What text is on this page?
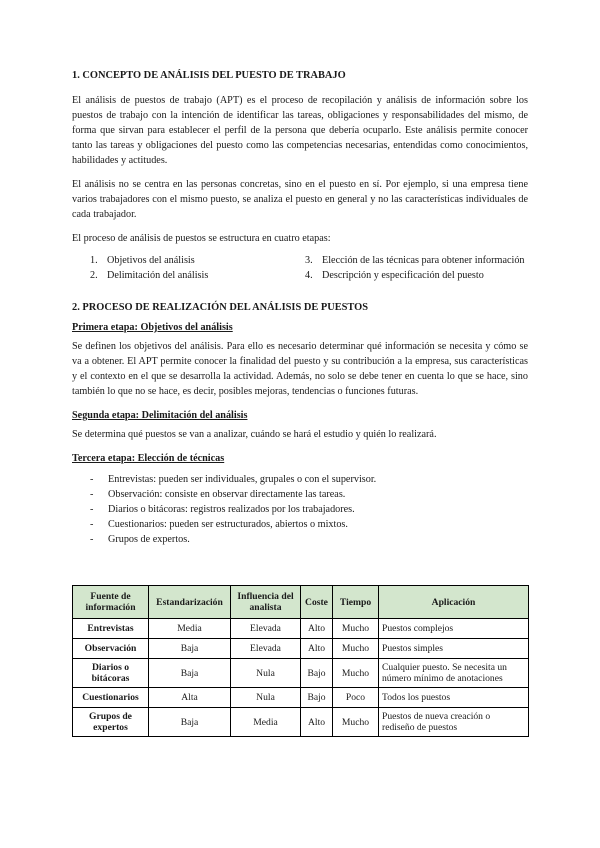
1. CONCEPTO DE ANÁLISIS DEL PUESTO DE TRABAJO

El análisis de puestos de trabajo (APT) es el proceso de recopilación y análisis de información sobre los puestos de trabajo con la intención de identificar las tareas, obligaciones y responsabilidades del mismo, de forma que sirvan para establecer el perfil de la persona que debería ocuparlo. Este análisis permite conocer tanto las tareas y obligaciones del puesto como las competencias necesarias, entendidas como conocimientos, habilidades y actitudes.

El análisis no se centra en las personas concretas, sino en el puesto en sí. Por ejemplo, si una empresa tiene varios trabajadores con el mismo puesto, se analiza el puesto en general y no las características individuales de cada trabajador.

El proceso de análisis de puestos se estructura en cuatro etapas:

1. Objetivos del análisis	3. Elección de las técnicas para obtener información
2. Delimitación del análisis	4. Descripción y especificación del puesto
2. PROCESO DE REALIZACIÓN DEL ANÁLISIS DE PUESTOS
Primera etapa: Objetivos del análisis

Se definen los objetivos del análisis. Para ello es necesario determinar qué información se necesita y cómo se va a obtener. El APT permite conocer la finalidad del puesto y su contribución a la empresa, sus características y el contexto en el que se desarrolla la actividad. Además, no solo se debe tener en cuenta lo que se hace, sino también lo que no se hace, es decir, posibles mejoras, tendencias o funciones futuras.

Segunda etapa: Delimitación del análisis

Se determina qué puestos se van a analizar, cuándo se hará el estudio y quién lo realizará.

Tercera etapa: Elección de técnicas
- Entrevistas: pueden ser individuales, grupales o con el supervisor.
- Observación: consiste en observar directamente las tareas.
- Diarios o bitácoras: registros realizados por los trabajadores.
- Cuestionarios: pueden ser estructurados, abiertos o mixtos.
- Grupos de expertos.
Fuente de información	Estandarización	Influencia del analista	Coste	Tiempo	Aplicación
Entrevistas	Media	Elevada	Alto	Mucho	Puestos complejos
Observación	Baja	Elevada	Alto	Mucho	Puestos simples
Diarios o bitácoras	Baja	Nula	Bajo	Mucho	Cualquier puesto. Se necesita un número mínimo de anotaciones
Cuestionarios	Alta	Nula	Bajo	Poco	Todos los puestos
Grupos de expertos	Baja	Media	Alto	Mucho	Puestos de nueva creación o rediseño de puestos
